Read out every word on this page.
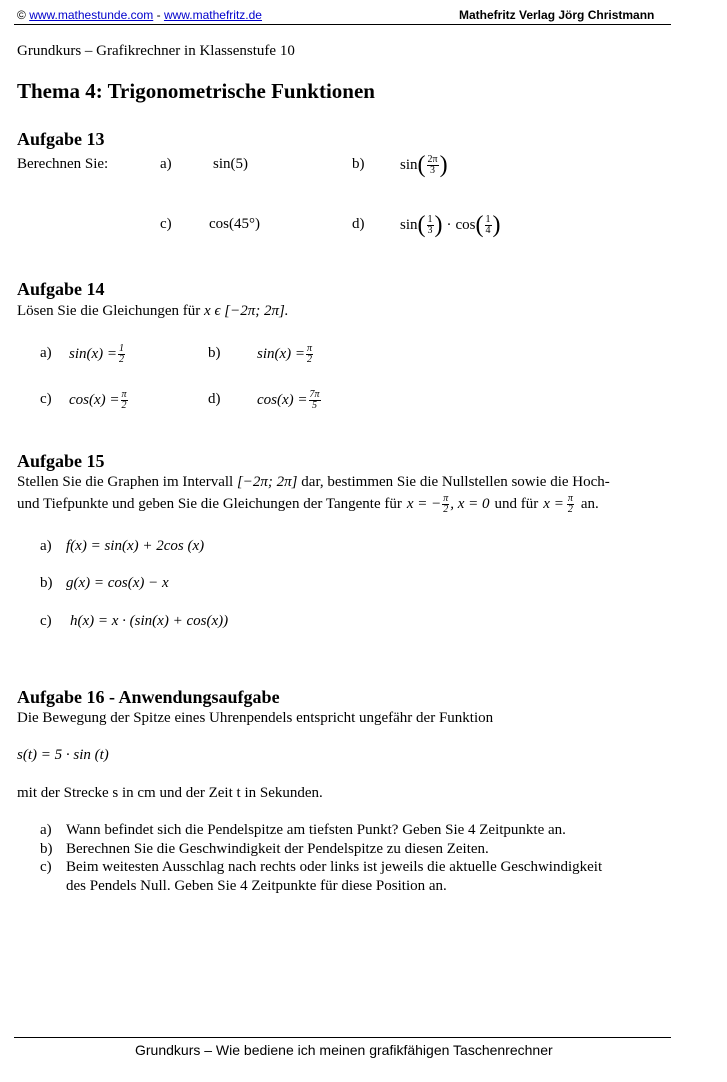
© www.mathestunde.com - www.mathefritz.de	Mathefritz Verlag Jörg Christmann
Grundkurs – Grafikrechner in Klassenstufe 10
Thema 4: Trigonometrische Funktionen
Aufgabe 13
Berechnen Sie:	a)	sin(5)	b) sin ( $\frac{2\pi}{3}$ )
c) cos(45°)	d) sin ( $\frac{1}{3}$ ) · cos ( $\frac{1}{4}$ )
Aufgabe 14
Lösen Sie die Gleichungen für x ϵ [−2π; 2π].
a) $\sin(x) = \frac{1}{2}$	b) $\sin(x) = \frac{\pi}{2}$
c) $\cos(x) = \frac{\pi}{2}$	d) $\cos(x) = \frac{7\pi}{5}$
Aufgabe 15
Stellen Sie die Graphen im Intervall [−2π; 2π] dar, bestimmen Sie die Nullstellen sowie die Hoch-
und Tiefpunkte und geben Sie die Gleichungen der Tangente für x = − $\frac{\pi}{2}$ , x = 0 und für $x = \frac{\pi}{2}$ an.
a) f(x) = sin(x) + 2cos (x)
b) g(x) = cos(x) − x
c) h(x) = x · (sin(x) + cos(x))
Aufgabe 16 - Anwendungsaufgabe
Die Bewegung der Spitze eines Uhrenpendels entspricht ungefähr der Funktion
s(t) = 5 · sin (t)
mit der Strecke s in cm und der Zeit t in Sekunden.
a) Wann befindet sich die Pendelspitze am tiefsten Punkt? Geben Sie 4 Zeitpunkte an.
b) Berechnen Sie die Geschwindigkeit der Pendelspitze zu diesen Zeiten.
c) Beim weitesten Ausschlag nach rechts oder links ist jeweils die aktuelle Geschwindigkeit
des Pendels Null. Geben Sie 4 Zeitpunkte für diese Position an.
Grundkurs – Wie bediene ich meinen grafikfähigen Taschenrechner
